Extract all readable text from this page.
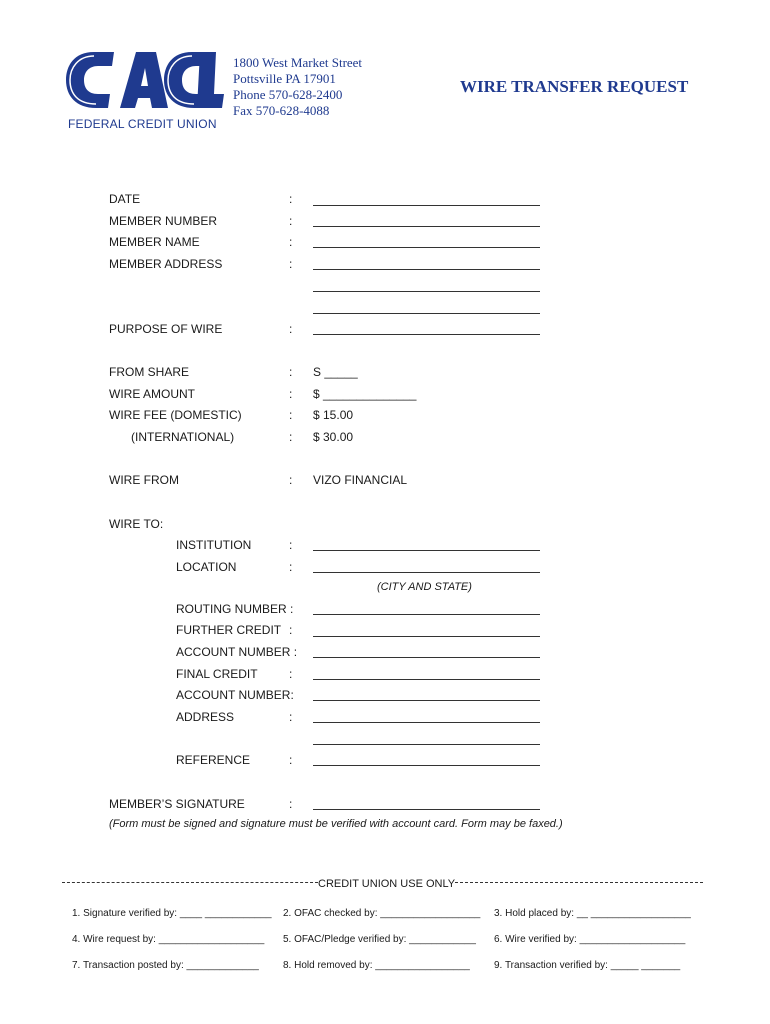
FEDERAL CREDIT UNION
1800 West Market Street
Pottsville PA 17901
Phone 570-628-2400
Fax 570-628-4088
WIRE TRANSFER REQUEST
DATE	:
MEMBER NUMBER	:
MEMBER NAME	:
MEMBER ADDRESS	:
PURPOSE OF WIRE	:
FROM SHARE	: S _____
WIRE AMOUNT	: $ ______________
WIRE FEE (DOMESTIC)	: $ 15.00
(INTERNATIONAL)	: $ 30.00
WIRE FROM	: VIZO FINANCIAL
WIRE TO:
INSTITUTION	:
LOCATION	:
(CITY AND STATE)
ROUTING NUMBER :
FURTHER CREDIT :
ACCOUNT NUMBER :
FINAL CREDIT	:
ACCOUNT NUMBER:
ADDRESS	:
REFERENCE	:
MEMBER’S SIGNATURE	:
(Form must be signed and signature must be verified with account card. Form may be faxed.)
CREDIT UNION USE ONLY
1. Signature verified by: ____ ____________ 2. OFAC checked by: __________________ 3. Hold placed by: __ __________________
4. Wire request by: ___________________ 5. OFAC/Pledge verified by: ____________ 6. Wire verified by: ___________________
7. Transaction posted by: _____________ 8. Hold removed by: _________________ 9. Transaction verified by: _____ _______
